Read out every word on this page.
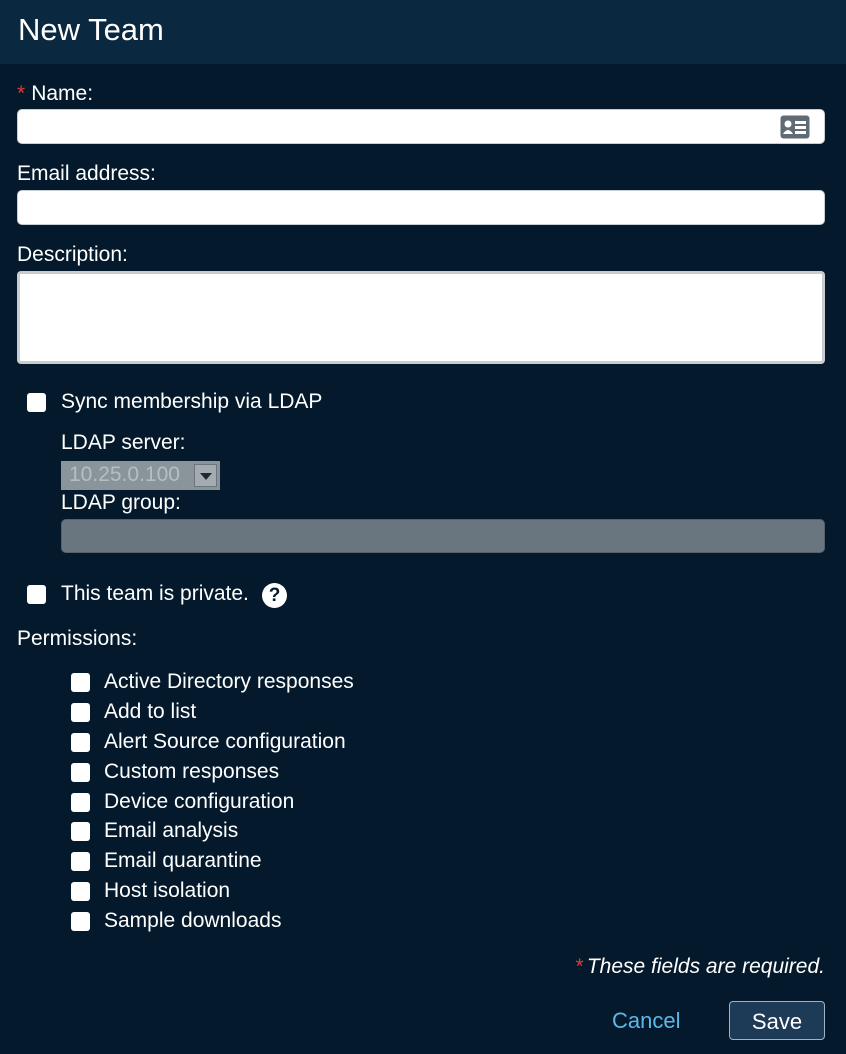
New Team
* Name:
Email address:
Description:
Sync membership via LDAP
LDAP server:
10.25.0.100
LDAP group:
This team is private.	?
Permissions:
Active Directory responses
Add to list
Alert Source configuration
Custom responses
Device configuration
Email analysis
Email quarantine
Host isolation
Sample downloads
* These fields are required.
Cancel	Save
